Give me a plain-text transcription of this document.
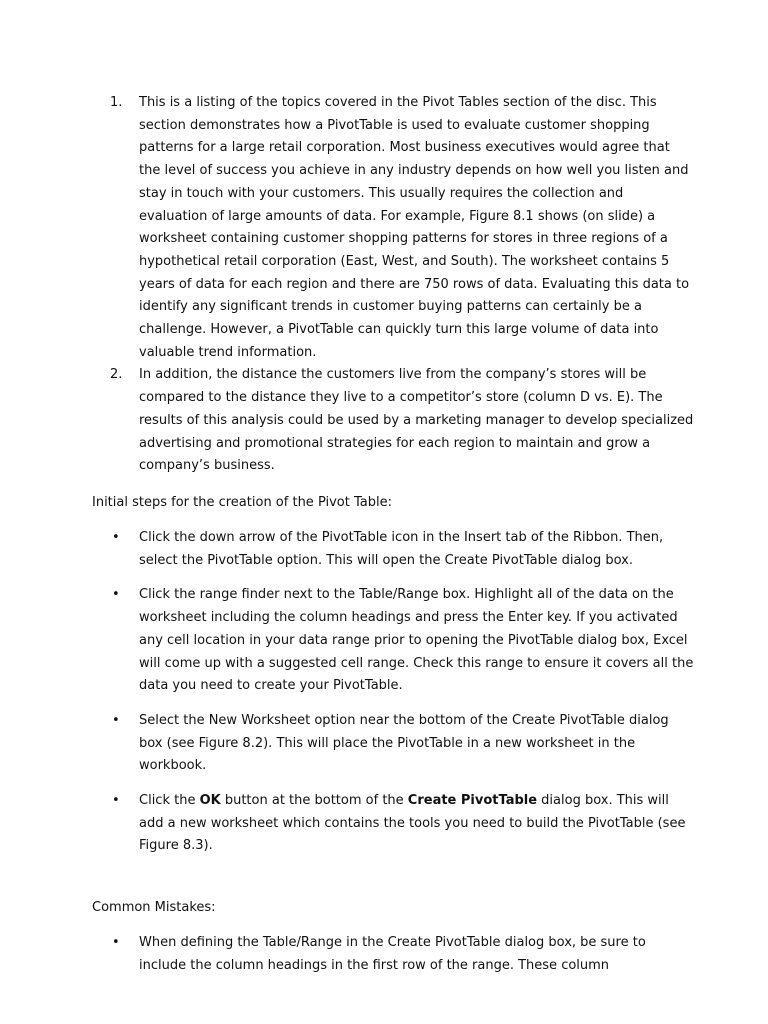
1.	This is a listing of the topics covered in the Pivot Tables section of the disc. This section demonstrates how a PivotTable is used to evaluate customer shopping patterns for a large retail corporation. Most business executives would agree that the level of success you achieve in any industry depends on how well you listen and stay in touch with your customers. This usually requires the collection and evaluation of large amounts of data. For example, Figure 8.1 shows (on slide) a worksheet containing customer shopping patterns for stores in three regions of a hypothetical retail corporation (East, West, and South). The worksheet contains 5 years of data for each region and there are 750 rows of data. Evaluating this data to identify any significant trends in customer buying patterns can certainly be a challenge. However, a PivotTable can quickly turn this large volume of data into valuable trend information.
2.	In addition, the distance the customers live from the company’s stores will be compared to the distance they live to a competitor’s store (column D vs. E). The results of this analysis could be used by a marketing manager to develop specialized advertising and promotional strategies for each region to maintain and grow a company’s business.
Initial steps for the creation of the Pivot Table:
•	Click the down arrow of the PivotTable icon in the Insert tab of the Ribbon. Then, select the PivotTable option. This will open the Create PivotTable dialog box.
•	Click the range finder next to the Table/Range box. Highlight all of the data on the worksheet including the column headings and press the Enter key. If you activated any cell location in your data range prior to opening the PivotTable dialog box, Excel will come up with a suggested cell range. Check this range to ensure it covers all the data you need to create your PivotTable.
•	Select the New Worksheet option near the bottom of the Create PivotTable dialog box (see Figure 8.2). This will place the PivotTable in a new worksheet in the workbook.
•	Click the OK button at the bottom of the Create PivotTable dialog box. This will add a new worksheet which contains the tools you need to build the PivotTable (see Figure 8.3).
Common Mistakes:
•	When defining the Table/Range in the Create PivotTable dialog box, be sure to include the column headings in the first row of the range. These column
